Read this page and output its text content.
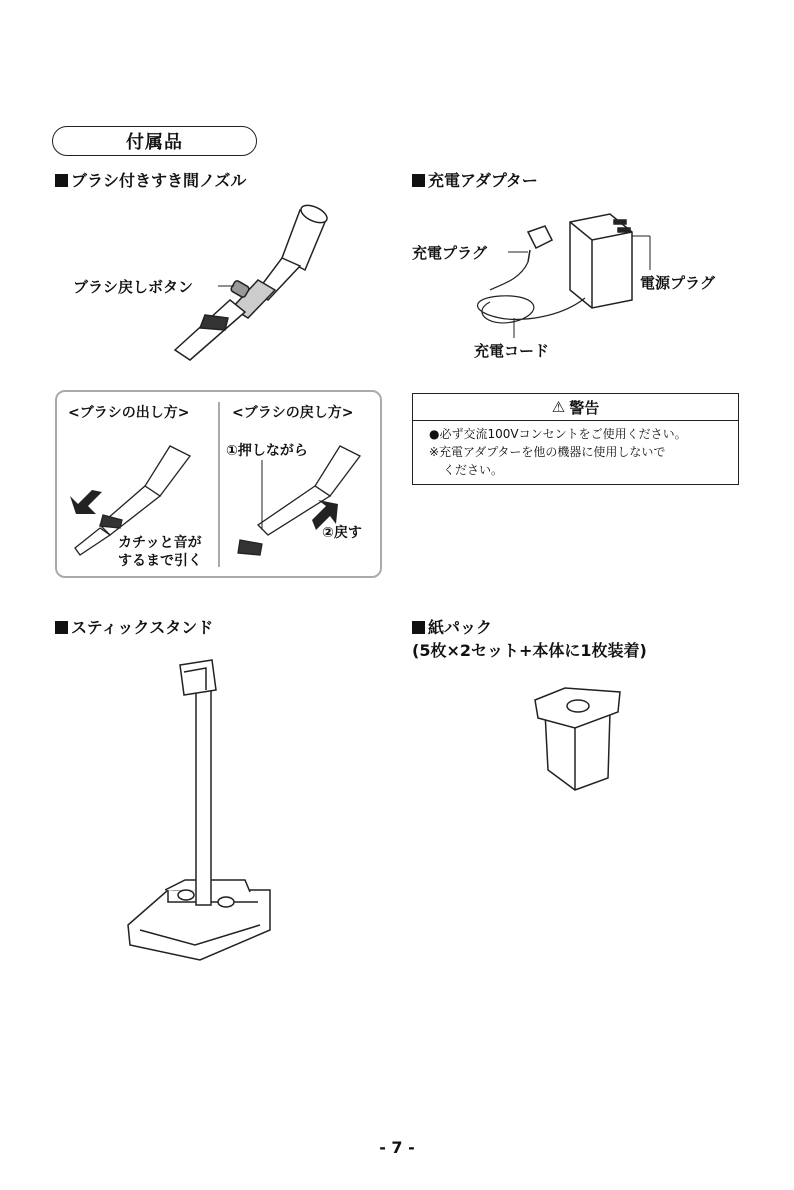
付属品
ブラシ付きすき間ノズル
ブラシ戻しボタン
充電アダプター
充電プラグ
電源プラグ
充電コード
<ブラシの出し方>	<ブラシの戻し方>
①押しながら
②戻す
カチッと音が
するまで引く
⚠ 警告
●必ず交流100Vコンセントをご使用ください。
※充電アダプターを他の機器に使用しないで
ください。
スティックスタンド	紙パック
(5枚×2セット+本体に1枚装着)
- 7 -
